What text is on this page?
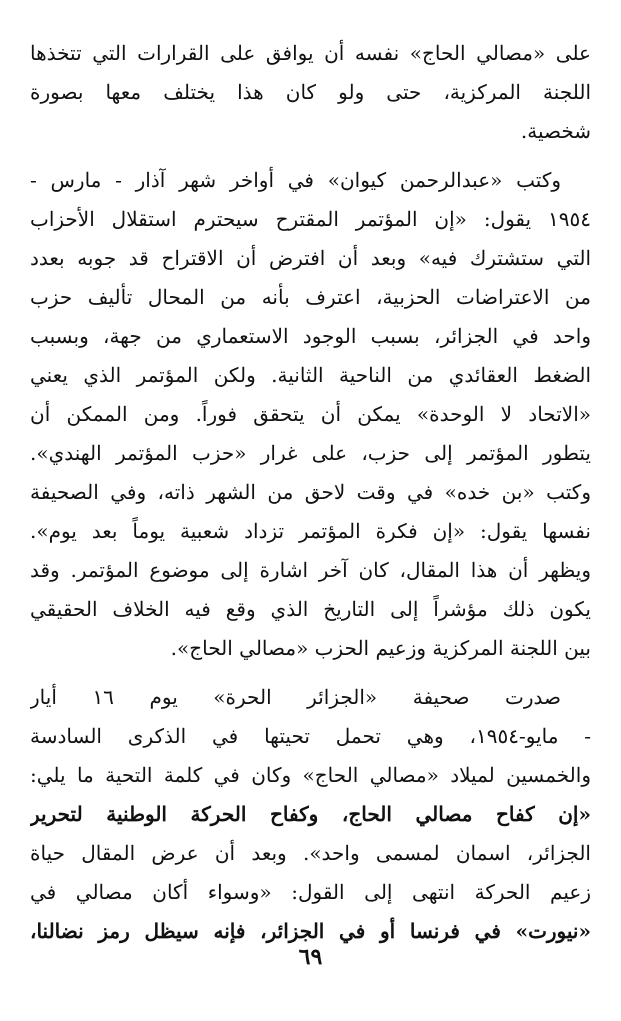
على «مصالي الحاج» نفسه أن يوافق على القرارات التي تتخذها
اللجنة المركزية، حتى ولو كان هذا يختلف معها بصورة
شخصية.
وكتب «عبدالرحمن كيوان» في أواخر شهر آذار - مارس -
١٩٥٤ يقول: «إن المؤتمر المقترح سيحترم استقلال الأحزاب
التي ستشترك فيه» وبعد أن افترض أن الاقتراح قد جوبه بعدد
من الاعتراضات الحزبية، اعترف بأنه من المحال تأليف حزب
واحد في الجزائر، بسبب الوجود الاستعماري من جهة، وبسبب
الضغط العقائدي من الناحية الثانية. ولكن المؤتمر الذي يعني
«الاتحاد لا الوحدة» يمكن أن يتحقق فوراً. ومن الممكن أن
يتطور المؤتمر إلى حزب، على غرار «حزب المؤتمر الهندي».
وكتب «بن خده» في وقت لاحق من الشهر ذاته، وفي الصحيفة
نفسها يقول: «إن فكرة المؤتمر تزداد شعبية يوماً بعد يوم».
ويظهر أن هذا المقال، كان آخر اشارة إلى موضوع المؤتمر. وقد
يكون ذلك مؤشراً إلى التاريخ الذي وقع فيه الخلاف الحقيقي
بين اللجنة المركزية وزعيم الحزب «مصالي الحاج».
صدرت صحيفة «الجزائر الحرة» يوم ١٦ أيار
- مايو-١٩٥٤، وهي تحمل تحيتها في الذكرى السادسة
والخمسين لميلاد «مصالي الحاج» وكان في كلمة التحية ما يلي:
«إن كفاح مصالي الحاج، وكفاح الحركة الوطنية لتحرير
الجزائر، اسمان لمسمى واحد». وبعد أن عرض المقال حياة
زعيم الحركة انتهى إلى القول: «وسواء أكان مصالي في
«نيورت» في فرنسا أو في الجزائر، فإنه سيظل رمز نضالنا،
٦٩
